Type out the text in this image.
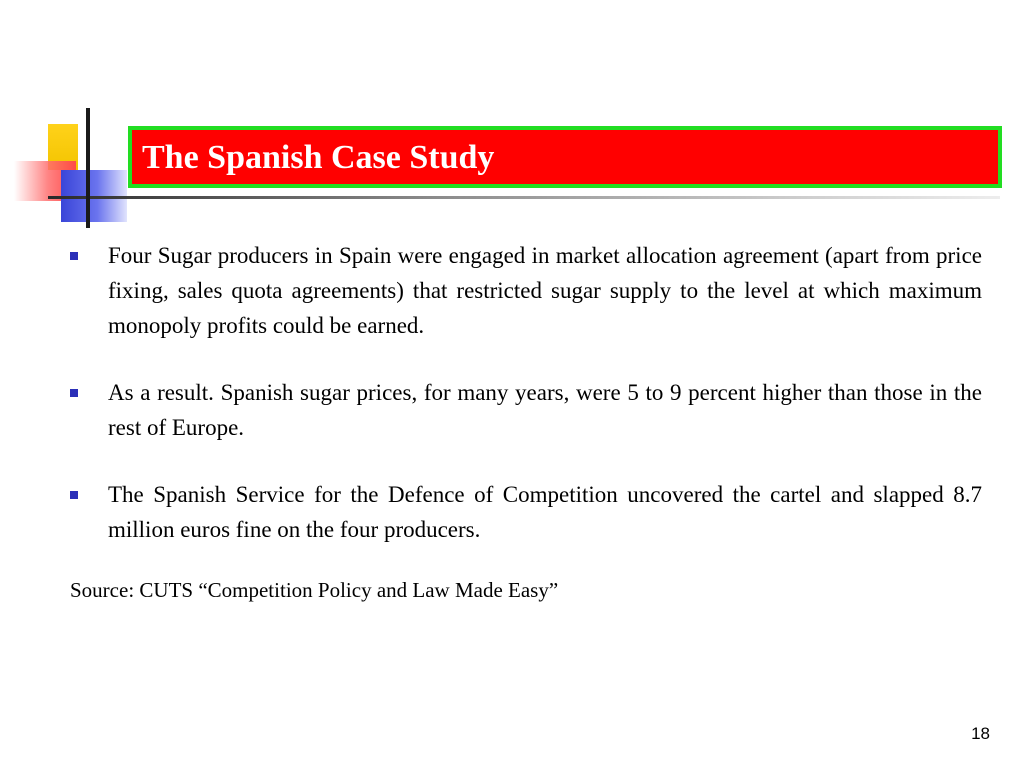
The Spanish Case Study
Four Sugar producers in Spain were engaged in market allocation agreement (apart from price fixing, sales quota agreements) that restricted sugar supply to the level at which maximum monopoly profits could be earned.
As a result. Spanish sugar prices, for many years, were 5 to 9 percent higher than those in the rest of Europe.
The Spanish Service for the Defence of Competition uncovered the cartel and slapped 8.7 million euros fine on the four producers.
Source: CUTS “Competition Policy and Law Made Easy”
18
